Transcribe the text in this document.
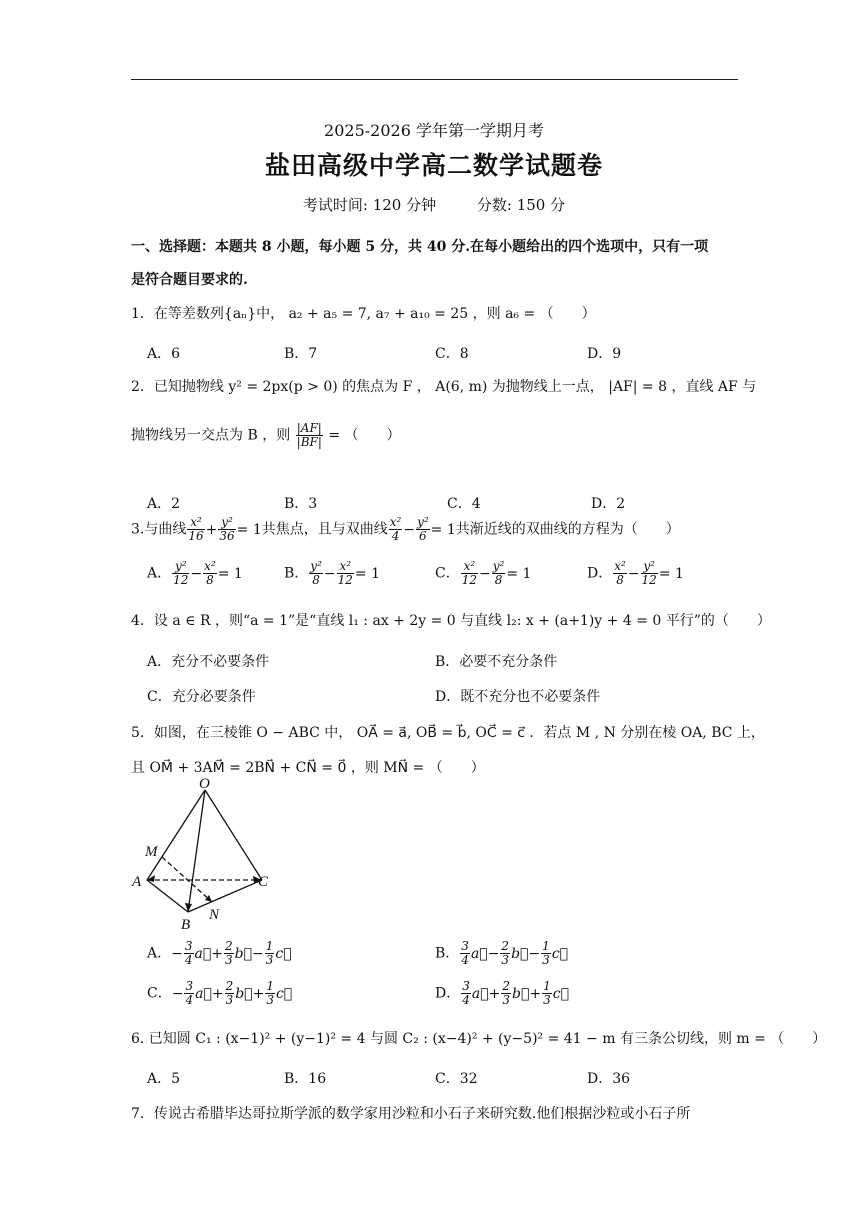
2025-2026 学年第一学期月考
盐田高级中学高二数学试题卷
考试时间: 120 分钟	分数: 150 分
一、选择题：本题共 8 小题，每小题 5 分，共 40 分.在每小题给出的四个选项中，只有一项
是符合题目要求的.
1．在等差数列{aₙ}中， a₂ + a₅ = 7, a₇ + a₁₀ = 25 ，则 a₆ = （　　）
A．6	B．7	C．8	D．9
2．已知抛物线 y² = 2px(p > 0) 的焦点为 F ， A(6, m) 为抛物线上一点， |AF| = 8 ，直线 AF 与
抛物线另一交点为 B ，则 $\frac{|AF|}{|BF|}$ = （　　）
A．2	B．3	C．4	D．2
3.与曲线 $\frac{\text{x²}}{16} + \frac{\text{y²}}{36} = 1$共焦点，且与双曲线 $\frac{\text{x²}}{4} - \frac{\text{y²}}{6} = 1$共渐近线的双曲线的方程为（　　）
A． $\frac{\text{y²}}{12} - \frac{\text{x²}}{8} = 1$	B． $\frac{\text{y²}}{8} - \frac{\text{x²}}{12} = 1$	C． $\frac{\text{x²}}{12} - \frac{\text{y²}}{8} = 1$	D． $\frac{\text{x²}}{8} - \frac{\text{y²}}{12} = 1$
4．设 a ∈ R ，则“a = 1”是“直线 l₁ : ax + 2y = 0 与直线 l₂: x + (a+1)y + 4 = 0 平行”的（　　）
A．充分不必要条件	B．必要不充分条件
C．充分必要条件	D．既不充分也不必要条件
5．如图，在三棱锥 O − ABC 中， OA⃗ = a⃗, OB⃗ = b⃗, OC⃗ = c⃗ ．若点 M , N 分别在棱 OA, BC 上，
且 OM⃗ + 3AM⃗ = 2BN⃗ + CN⃗ = 0⃗ ，则 MN⃗ = （　　）
O
M
A	C
B
N
A．− $\frac{3}{4}$ a⃗+ $\frac{2}{3}$ b⃗− $\frac{1}{3}$ c⃗	B． $\frac{3}{4}$ a⃗− $\frac{2}{3}$ b⃗− $\frac{1}{3}$ c⃗
C．− $\frac{3}{4}$ a⃗+ $\frac{2}{3}$ b⃗+ $\frac{1}{3}$ c⃗	D． $\frac{3}{4}$ a⃗+ $\frac{2}{3}$ b⃗+ $\frac{1}{3}$ c⃗
6. 已知圆 C₁ : (x−1)² + (y−1)² = 4 与圆 C₂ : (x−4)² + (y−5)² = 41 − m 有三条公切线，则 m = （　　）
A．5	B．16	C．32	D．36
7．传说古希腊毕达哥拉斯学派的数学家用沙粒和小石子来研究数.他们根据沙粒或小石子所
